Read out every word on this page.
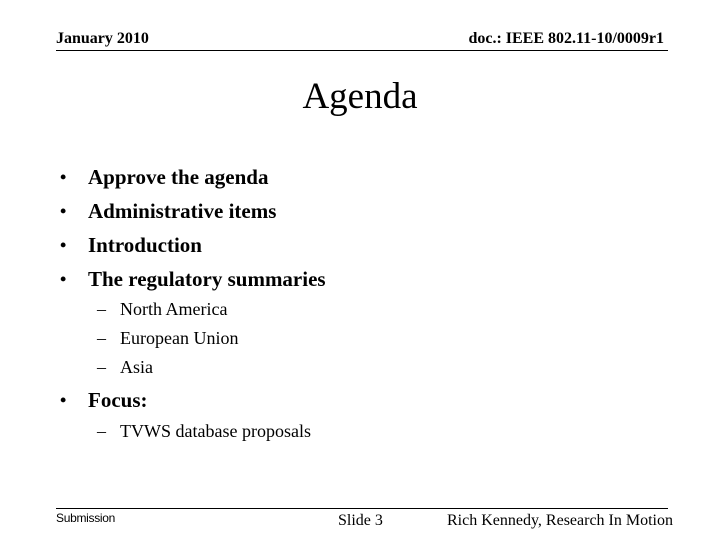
January 2010	doc.: IEEE 802.11-10/0009r1
Agenda
• Approve the agenda
• Administrative items
• Introduction
• The regulatory summaries
– North America
– European Union
– Asia
• Focus:
– TVWS database proposals
Submission	Slide 3	Rich Kennedy, Research In Motion
